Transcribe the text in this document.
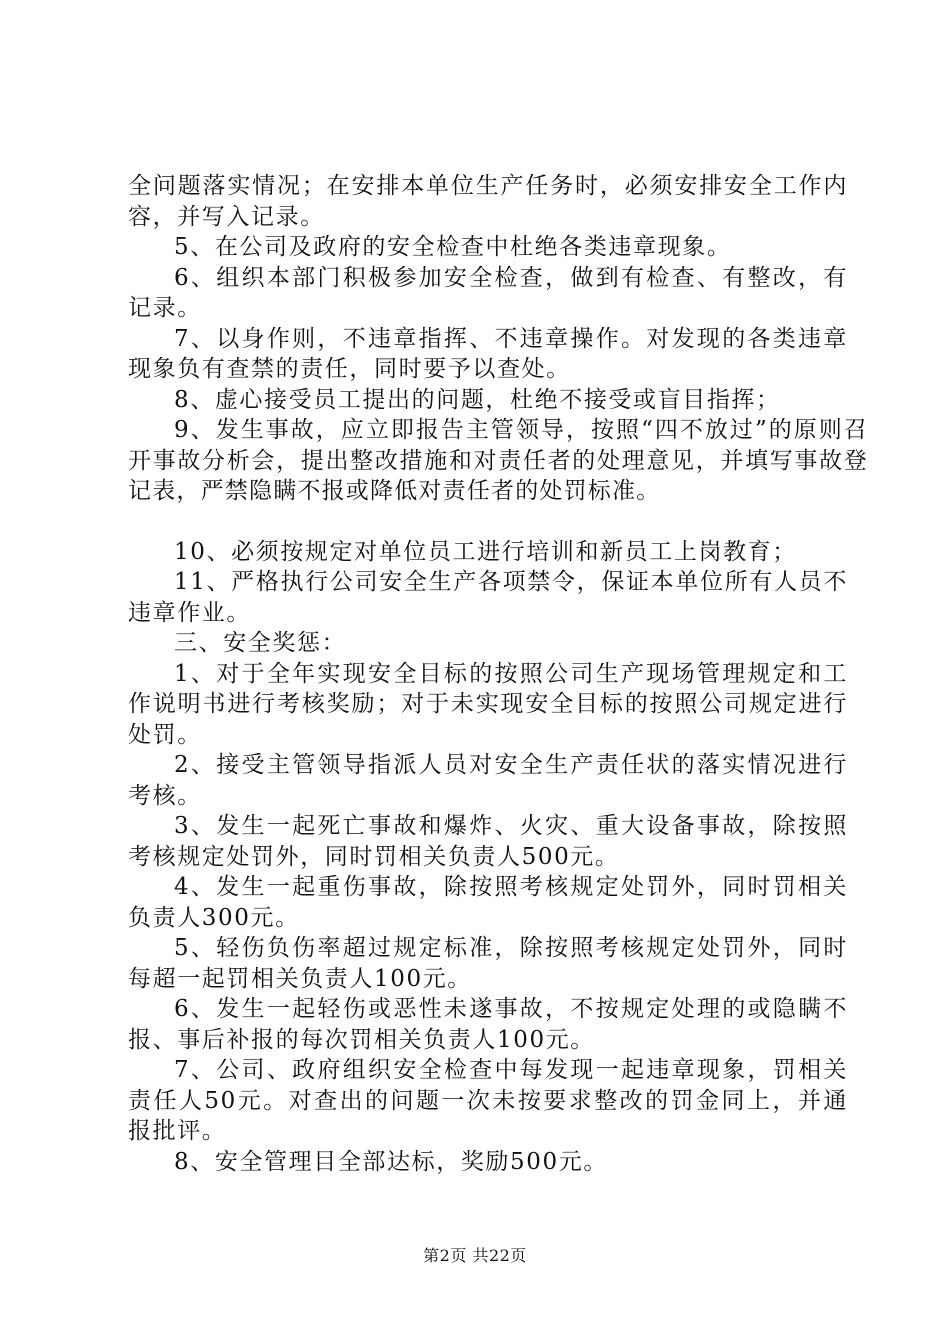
全问题落实情况；在安排本单位生产任务时，必须安排安全工作内容，并写入记录。

5、在公司及政府的安全检查中杜绝各类违章现象。

6、组织本部门积极参加安全检查，做到有检查、有整改，有记录。

7、以身作则，不违章指挥、不违章操作。对发现的各类违章现象负有查禁的责任，同时要予以查处。

8、虚心接受员工提出的问题，杜绝不接受或盲目指挥；

9、发生事故，应立即报告主管领导，按照“四不放过”的原则召开事故分析会，提出整改措施和对责任者的处理意见，并填写事故登记表，严禁隐瞒不报或降低对责任者的处罚标准。

10、必须按规定对单位员工进行培训和新员工上岗教育；

11、严格执行公司安全生产各项禁令，保证本单位所有人员不违章作业。

三、安全奖惩：

1、对于全年实现安全目标的按照公司生产现场管理规定和工作说明书进行考核奖励；对于未实现安全目标的按照公司规定进行处罚。

2、接受主管领导指派人员对安全生产责任状的落实情况进行考核。

3、发生一起死亡事故和爆炸、火灾、重大设备事故，除按照考核规定处罚外，同时罚相关负责人500元。

4、发生一起重伤事故，除按照考核规定处罚外，同时罚相关负责人300元。

5、轻伤负伤率超过规定标准，除按照考核规定处罚外，同时每超一起罚相关负责人100元。

6、发生一起轻伤或恶性未遂事故，不按规定处理的或隐瞒不报、事后补报的每次罚相关负责人100元。

7、公司、政府组织安全检查中每发现一起违章现象，罚相关责任人50元。对查出的问题一次未按要求整改的罚金同上，并通报批评。

8、安全管理目全部达标，奖励500元。

第2页 共22页
